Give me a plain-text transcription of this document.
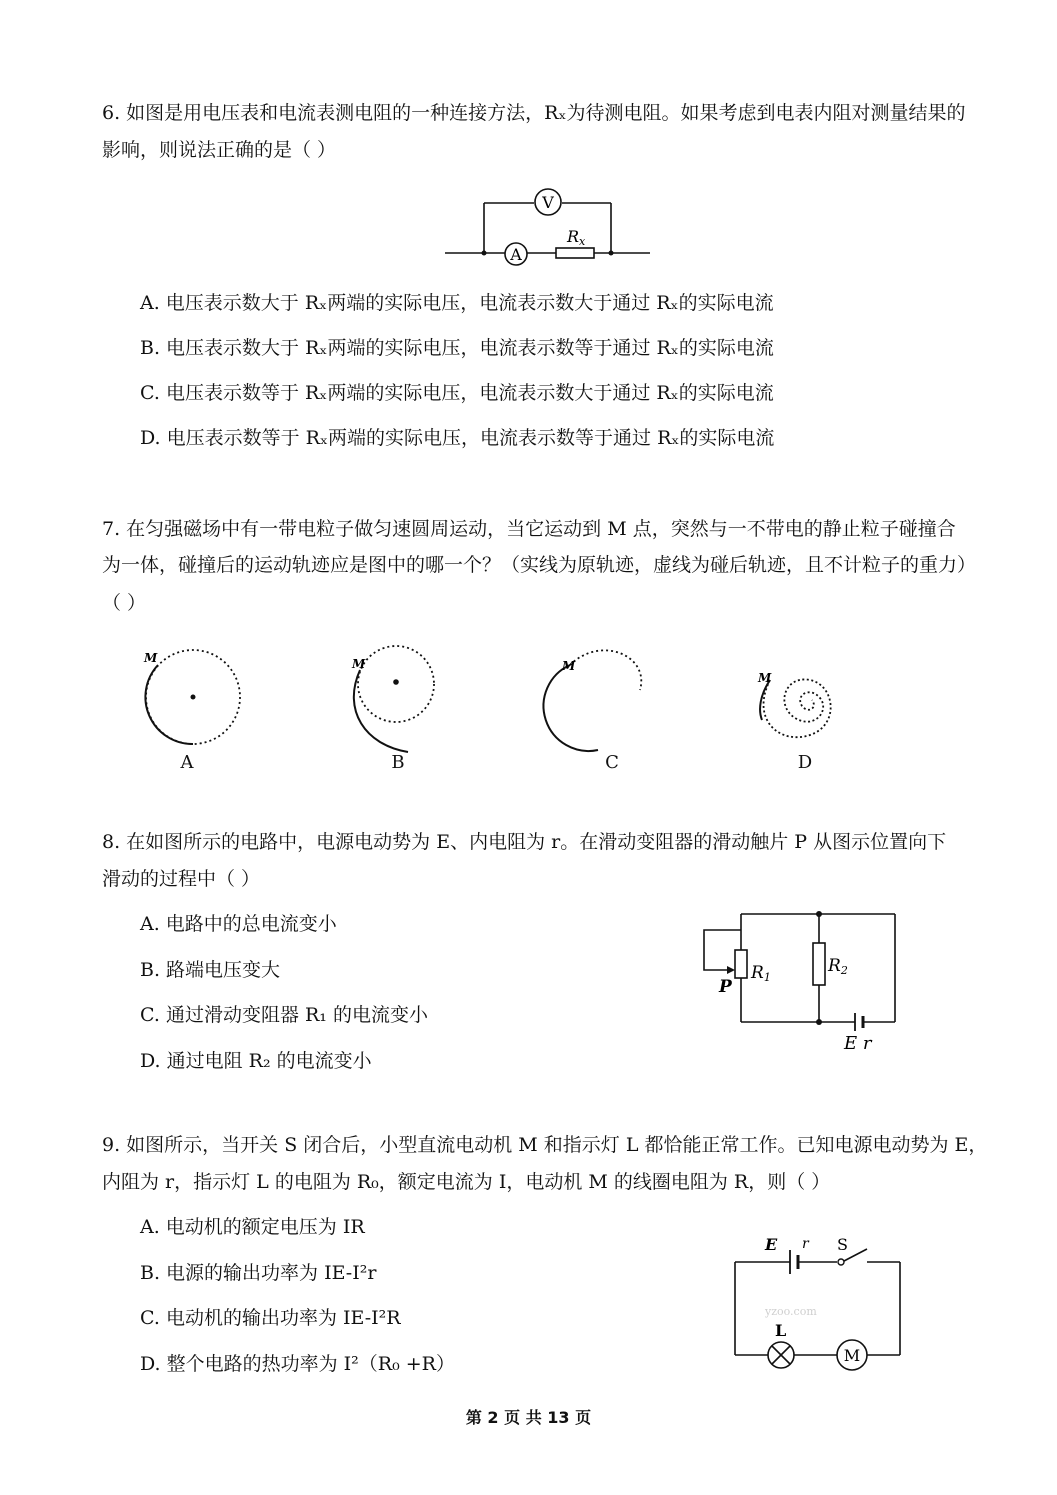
6. 如图是用电压表和电流表测电阻的一种连接方法，Rₓ为待测电阻。如果考虑到电表内阻对测量结果的
影响，则说法正确的是（ ）
V
A
Rx
A. 电压表示数大于 Rₓ两端的实际电压，电流表示数大于通过 Rₓ的实际电流
B. 电压表示数大于 Rₓ两端的实际电压，电流表示数等于通过 Rₓ的实际电流
C. 电压表示数等于 Rₓ两端的实际电压，电流表示数大于通过 Rₓ的实际电流
D. 电压表示数等于 Rₓ两端的实际电压，电流表示数等于通过 Rₓ的实际电流
7. 在匀强磁场中有一带电粒子做匀速圆周运动，当它运动到 M 点，突然与一不带电的静止粒子碰撞合
为一体，碰撞后的运动轨迹应是图中的哪一个？（实线为原轨迹，虚线为碰后轨迹，且不计粒子的重力）
（ ）
M	M	M
M
A	B	C	D
8. 在如图所示的电路中，电源电动势为 E、内电阻为 r。在滑动变阻器的滑动触片 P 从图示位置向下
滑动的过程中（ ）
A. 电路中的总电流变小
B. 路端电压变大
C. 通过滑动变阻器 R₁ 的电流变小
D. 通过电阻 R₂ 的电流变小
E r
R1
P
R2
9. 如图所示，当开关 S 闭合后，小型直流电动机 M 和指示灯 L 都恰能正常工作。已知电源电动势为 E，
内阻为 r，指示灯 L 的电阻为 R₀，额定电流为 I，电动机 M 的线圈电阻为 R，则（ ）
A. 电动机的额定电压为 IR
B. 电源的输出功率为 IE-I²r
C. 电动机的输出功率为 IE-I²R
D. 整个电路的热功率为 I²（R₀ +R）
E r S
M
L
yzoo.com
第 2 页 共 13 页
